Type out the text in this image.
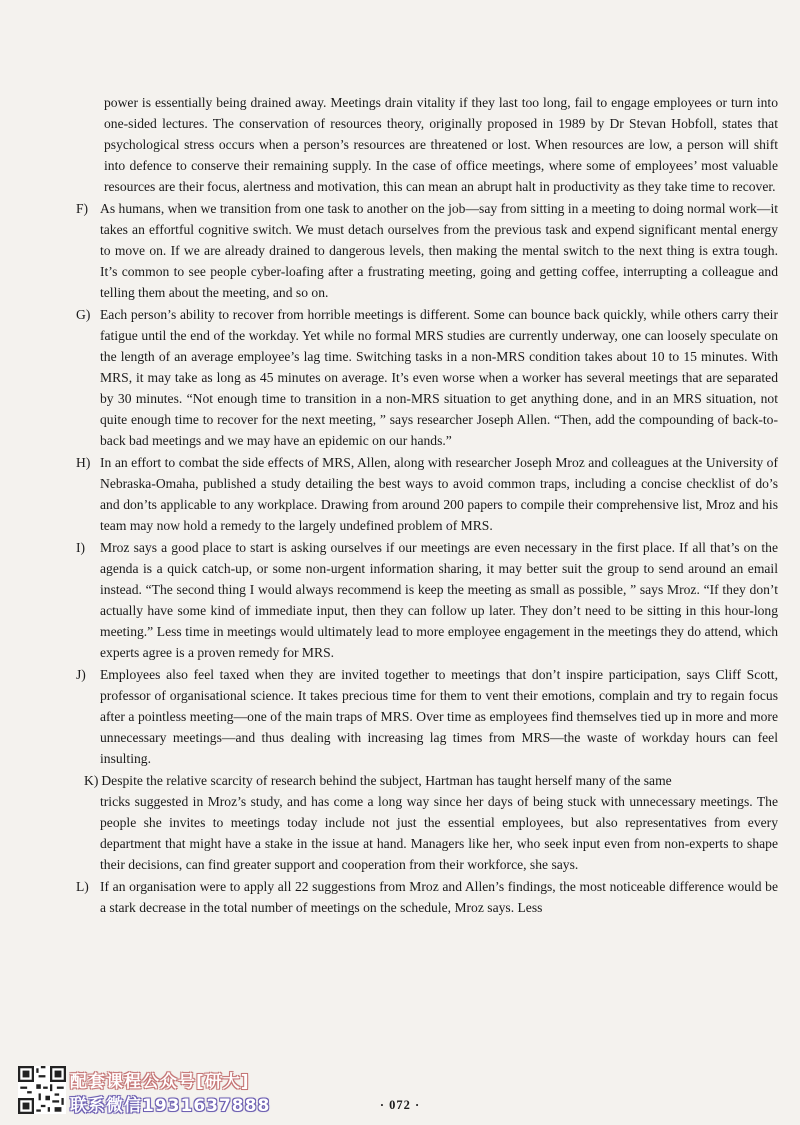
power is essentially being drained away. Meetings drain vitality if they last too long, fail to engage employees or turn into one-sided lectures. The conservation of resources theory, originally proposed in 1989 by Dr Stevan Hobfoll, states that psychological stress occurs when a person’s resources are threatened or lost. When resources are low, a person will shift into defence to conserve their remaining supply. In the case of office meetings, where some of employees’ most valuable resources are their focus, alertness and motivation, this can mean an abrupt halt in productivity as they take time to recover.

F) As humans, when we transition from one task to another on the job—say from sitting in a meeting to doing normal work—it takes an effortful cognitive switch. We must detach ourselves from the previous task and expend significant mental energy to move on. If we are already drained to dangerous levels, then making the mental switch to the next thing is extra tough. It’s common to see people cyber-loafing after a frustrating meeting, going and getting coffee, interrupting a colleague and telling them about the meeting, and so on.

G) Each person’s ability to recover from horrible meetings is different. Some can bounce back quickly, while others carry their fatigue until the end of the workday. Yet while no formal MRS studies are currently underway, one can loosely speculate on the length of an average employee’s lag time. Switching tasks in a non-MRS condition takes about 10 to 15 minutes. With MRS, it may take as long as 45 minutes on average. It’s even worse when a worker has several meetings that are separated by 30 minutes. “Not enough time to transition in a non-MRS situation to get anything done, and in an MRS situation, not quite enough time to recover for the next meeting, ” says researcher Joseph Allen. “Then, add the compounding of back-to-back bad meetings and we may have an epidemic on our hands.”

H) In an effort to combat the side effects of MRS, Allen, along with researcher Joseph Mroz and colleagues at the University of Nebraska-Omaha, published a study detailing the best ways to avoid common traps, including a concise checklist of do’s and don’ts applicable to any workplace. Drawing from around 200 papers to compile their comprehensive list, Mroz and his team may now hold a remedy to the largely undefined problem of MRS.

I) Mroz says a good place to start is asking ourselves if our meetings are even necessary in the first place. If all that’s on the agenda is a quick catch-up, or some non-urgent information sharing, it may better suit the group to send around an email instead. “The second thing I would always recommend is keep the meeting as small as possible, ” says Mroz. “If they don’t actually have some kind of immediate input, then they can follow up later. They don’t need to be sitting in this hour-long meeting.” Less time in meetings would ultimately lead to more employee engagement in the meetings they do attend, which experts agree is a proven remedy for MRS.

J) Employees also feel taxed when they are invited together to meetings that don’t inspire participation, says Cliff Scott, professor of organisational science. It takes precious time for them to vent their emotions, complain and try to regain focus after a pointless meeting—one of the main traps of MRS. Over time as employees find themselves tied up in more and more unnecessary meetings—and thus dealing with increasing lag times from MRS—the waste of workday hours can feel insulting.

K) Despite the relative scarcity of research behind the subject, Hartman has taught herself many of the same
tricks suggested in Mroz’s study, and has come a long way since her days of being stuck with unnecessary meetings. The people she invites to meetings today include not just the essential employees, but also representatives from every department that might have a stake in the issue at hand. Managers like her, who seek input even from non-experts to shape their decisions, can find greater support and cooperation from their workforce, she says.

L) If an organisation were to apply all 22 suggestions from Mroz and Allen’s findings, the most noticeable difference would be a stark decrease in the total number of meetings on the schedule, Mroz says. Less

配套课程公众号[研大]
联系微信1931637888	· 072 ·
